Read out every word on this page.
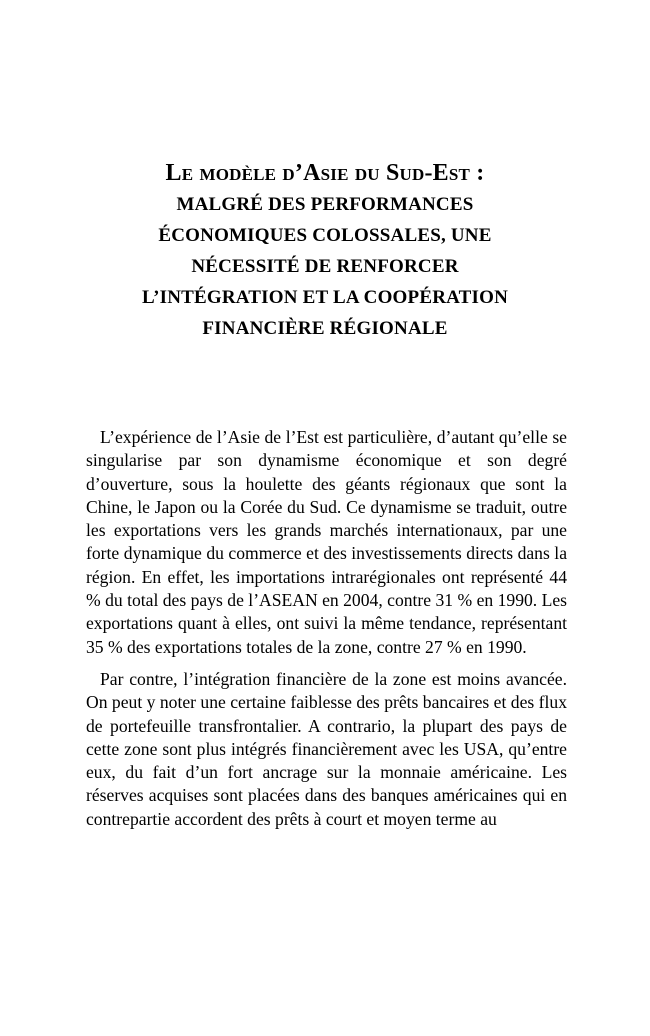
Le modèle d’Asie du Sud-Est :
MALGRÉ DES PERFORMANCES
ÉCONOMIQUES COLOSSALES, UNE
NÉCESSITÉ DE RENFORCER
L’INTÉGRATION ET LA COOPÉRATION
FINANCIÈRE RÉGIONALE

L’expérience de l’Asie de l’Est est particulière, d’autant qu’elle se singularise par son dynamisme économique et son degré d’ouverture, sous la houlette des géants régionaux que sont la Chine, le Japon ou la Corée du Sud. Ce dynamisme se traduit, outre les exportations vers les grands marchés internationaux, par une forte dynamique du commerce et des investissements directs dans la région. En effet, les importations intrarégionales ont représenté 44 % du total des pays de l’ASEAN en 2004, contre 31 % en 1990. Les exportations quant à elles, ont suivi la même tendance, représentant 35 % des exportations totales de la zone, contre 27 % en 1990.

Par contre, l’intégration financière de la zone est moins avancée. On peut y noter une certaine faiblesse des prêts bancaires et des flux de portefeuille transfrontalier. A contrario, la plupart des pays de cette zone sont plus intégrés financièrement avec les USA, qu’entre eux, du fait d’un fort ancrage sur la monnaie américaine. Les réserves acquises sont placées dans des banques américaines qui en contrepartie accordent des prêts à court et moyen terme au
